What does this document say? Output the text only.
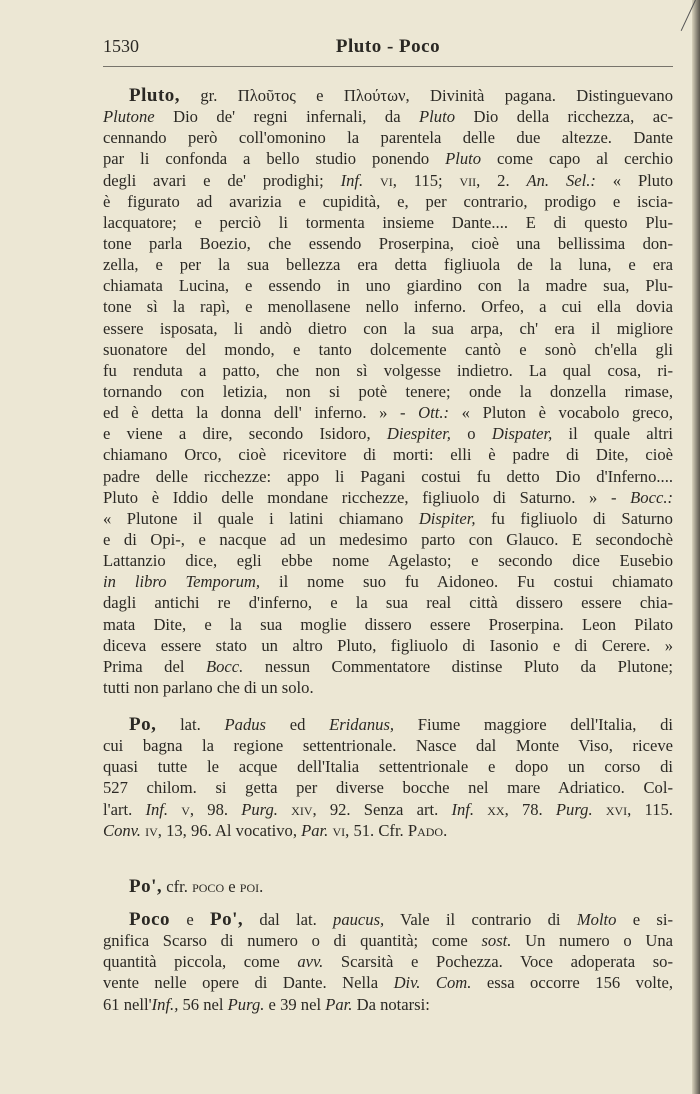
1530	Pluto - Poco
Pluto, gr. Πλοῦτος e Πλούτων, Divinità pagana. Distinguevano
Plutone Dio de' regni infernali, da Pluto Dio della ricchezza, ac-
cennando però coll'omonino la parentela delle due altezze. Dante
par li confonda a bello studio ponendo Pluto come capo al cerchio
degli avari e de' prodighi; Inf. vi, 115; vii, 2. An. Sel.: « Pluto
è figurato ad avarizia e cupidità, e, per contrario, prodigo e iscia-
lacquatore; e perciò li tormenta insieme Dante.... E di questo Plu-
tone parla Boezio, che essendo Proserpina, cioè una bellissima don-
zella, e per la sua bellezza era detta figliuola de la luna, e era
chiamata Lucina, e essendo in uno giardino con la madre sua, Plu-
tone sì la rapì, e menollasene nello inferno. Orfeo, a cui ella dovia
essere isposata, li andò dietro con la sua arpa, ch' era il migliore
suonatore del mondo, e tanto dolcemente cantò e sonò ch'ella gli
fu renduta a patto, che non sì volgesse indietro. La qual cosa, ri-
tornando con letizia, non si potè tenere; onde la donzella rimase,
ed è detta la donna dell' inferno. » - Ott.: « Pluton è vocabolo greco,
e viene a dire, secondo Isidoro, Diespiter, o Dispater, il quale altri
chiamano Orco, cioè ricevitore di morti: elli è padre di Dite, cioè
padre delle ricchezze: appo li Pagani costui fu detto Dio d'Inferno....
Pluto è Iddio delle mondane ricchezze, figliuolo di Saturno. » - Bocc.:
« Plutone il quale i latini chiamano Dispiter, fu figliuolo di Saturno
e di Opi-, e nacque ad un medesimo parto con Glauco. E secondochè
Lattanzio dice, egli ebbe nome Agelasto; e secondo dice Eusebio
in libro Temporum, il nome suo fu Aidoneo. Fu costui chiamato
dagli antichi re d'inferno, e la sua real città dissero essere chia-
mata Dite, e la sua moglie dissero essere Proserpina. Leon Pilato
diceva essere stato un altro Pluto, figliuolo di Iasonio e di Cerere. »
Prima del Bocc. nessun Commentatore distinse Pluto da Plutone;
tutti non parlano che di un solo.
Po, lat. Padus ed Eridanus, Fiume maggiore dell'Italia, di
cui bagna la regione settentrionale. Nasce dal Monte Viso, riceve
quasi tutte le acque dell'Italia settentrionale e dopo un corso di
527 chilom. si getta per diverse bocche nel mare Adriatico. Col-
l'art. Inf. v, 98. Purg. xiv, 92. Senza art. Inf. xx, 78. Purg. xvi, 115.
Conv. iv, 13, 96. Al vocativo, Par. vi, 51. Cfr. Pado.
Po', cfr. poco e poi.
Poco e Po', dal lat. paucus, Vale il contrario di Molto e si-
gnifica Scarso di numero o di quantità; come sost. Un numero o Una
quantità piccola, come avv. Scarsità e Pochezza. Voce adoperata so-
vente nelle opere di Dante. Nella Div. Com. essa occorre 156 volte,
61 nell'Inf., 56 nel Purg. e 39 nel Par. Da notarsi:
